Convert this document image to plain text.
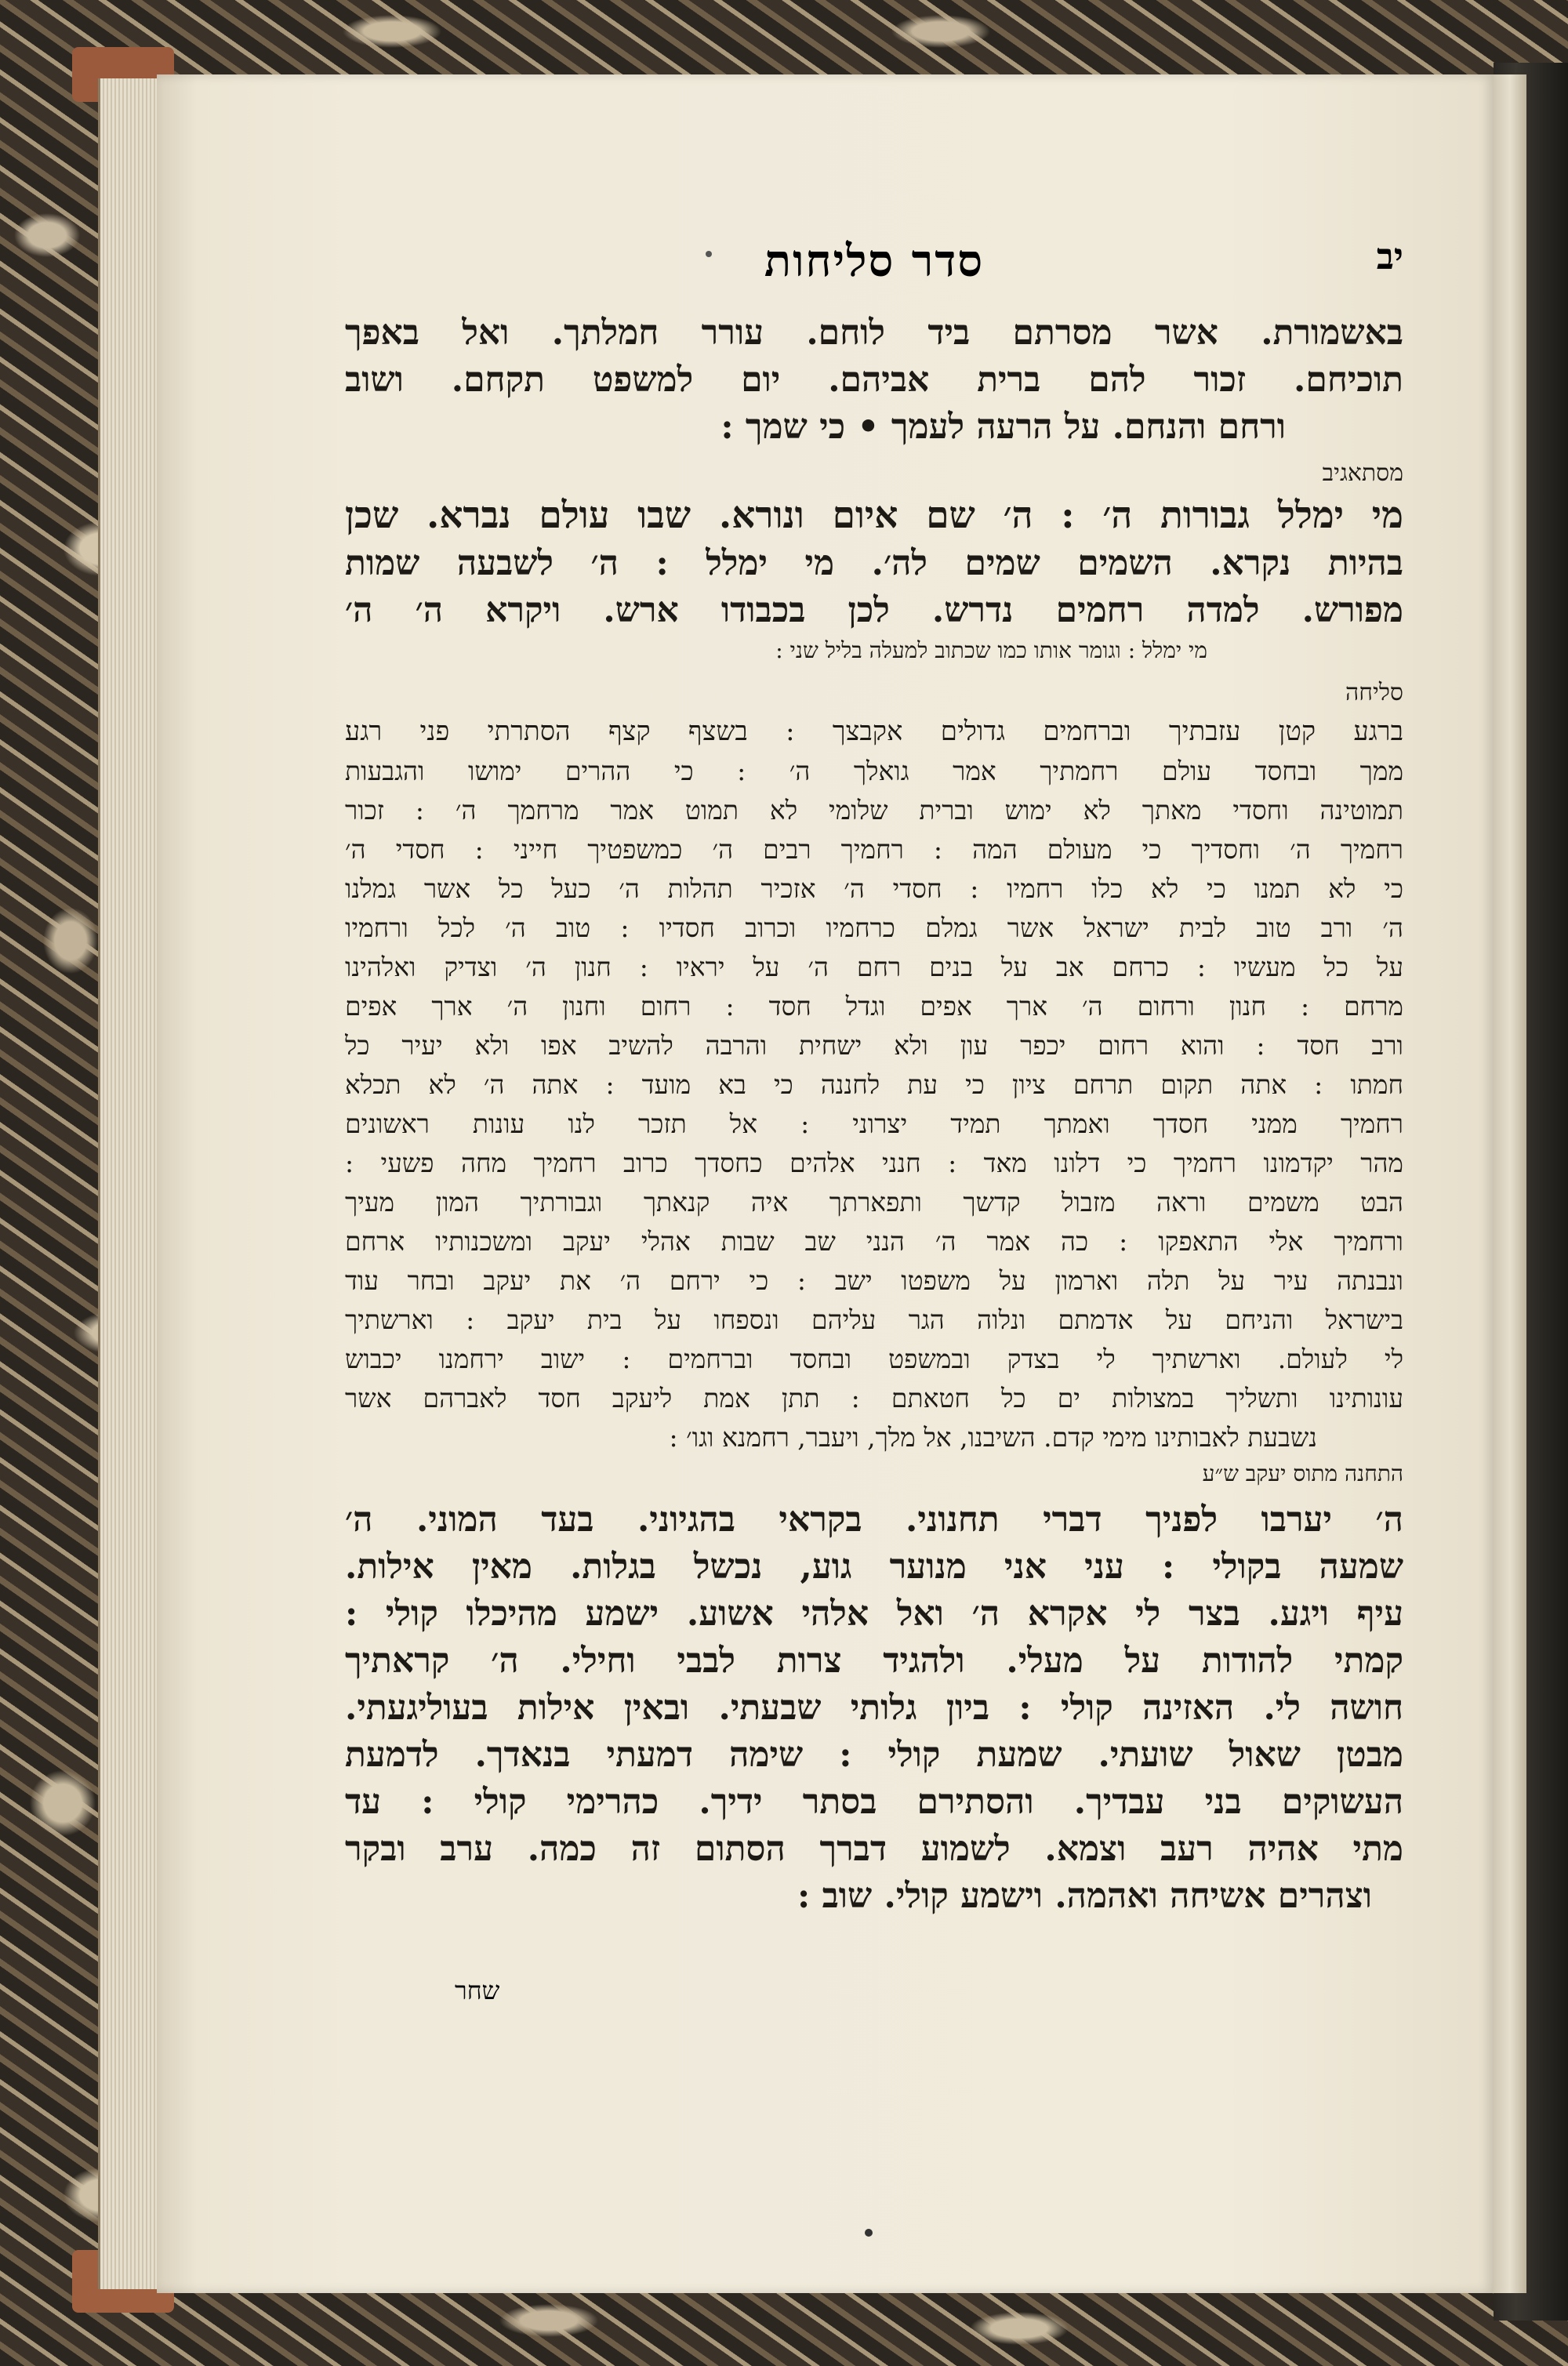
יב
סדר סליחות
באשמורת. אשר מסרתם ביד לוחם. עורר חמלתך. ואל באפך
תוכיחם. זכור להם ברית אביהם. יום למשפט תקחם. ושוב
ורחם והנחם. על הרעה לעמך • כי שמך :
מסתאגיב
מי ימלל גבורות ה׳ : ה׳ שם איום ונורא. שבו עולם נברא. שכן
בהיות נקרא. השמים שמים לה׳. מי ימלל : ה׳ לשבעה שמות
מפורש. למדה רחמים נדרש. לכן בכבודו ארש. ויקרא ה׳ ה׳
מי ימלל : וגומר אותו כמו שכתוב למעלה בליל שני :
סליחה
ברגע קטן עזבתיך וברחמים גדולים אקבצך : בשצף קצף הסתרתי פני רגע
ממך ובחסד עולם רחמתיך אמר גואלך ה׳ : כי ההרים ימושו והגבעות
תמוטינה וחסדי מאתך לא ימוש וברית שלומי לא תמוט אמר מרחמך ה׳ : זכור
רחמיך ה׳ וחסדיך כי מעולם המה : רחמיך רבים ה׳ כמשפטיך חייני : חסדי ה׳
כי לא תמנו כי לא כלו רחמיו : חסדי ה׳ אזכיר תהלות ה׳ כעל כל אשר גמלנו
ה׳ ורב טוב לבית ישראל אשר גמלם כרחמיו וכרוב חסדיו : טוב ה׳ לכל ורחמיו
על כל מעשיו : כרחם אב על בנים רחם ה׳ על יראיו : חנון ה׳ וצדיק ואלהינו
מרחם : חנון ורחום ה׳ ארך אפים וגדל חסד : רחום וחנון ה׳ ארך אפים
ורב חסד : והוא רחום יכפר עון ולא ישחית והרבה להשיב אפו ולא יעיר כל
חמתו : אתה תקום תרחם ציון כי עת לחננה כי בא מועד : אתה ה׳ לא תכלא
רחמיך ממני חסדך ואמתך תמיד יצרוני : אל תזכר לנו עונות ראשונים
מהר יקדמונו רחמיך כי דלונו מאד : חנני אלהים כחסדך כרוב רחמיך מחה פשעי :
הבט משמים וראה מזבול קדשך ותפארתך איה קנאתך וגבורתיך המון מעיך
ורחמיך אלי התאפקו : כה אמר ה׳ הנני שב שבות אהלי יעקב ומשכנותיו ארחם
ונבנתה עיר על תלה וארמון על משפטו ישב : כי ירחם ה׳ את יעקב ובחר עוד
בישראל והניחם על אדמתם ונלוה הגר עליהם ונספחו על בית יעקב : וארשתיך
לי לעולם. וארשתיך לי בצדק ובמשפט ובחסד וברחמים : ישוב ירחמנו יכבוש
עונותינו ותשליך במצולות ים כל חטאתם : תתן אמת ליעקב חסד לאברהם אשר
נשבעת לאבותינו מימי קדם. השיבנו, אל מלך, ויעבר, רחמנא וגו׳ :
התחנה מתוס יעקב ש״ע
ה׳ יערבו לפניך דברי תחנוני. בקראי בהגיוני. בעד המוני. ה׳
שמעה בקולי : עני אני מנוער גוע, נכשל בגלות. מאין אילות.
עיף ויגע. בצר לי אקרא ה׳ ואל אלהי אשוע. ישמע מהיכלו קולי :
קמתי להודות על מעלי. ולהגיד צרות לבבי וחילי. ה׳ קראתיך
חושה לי. האזינה קולי : ביון גלותי שבעתי. ובאין אילות בעוליגעתי.
מבטן שאול שועתי. שמעת קולי : שימה דמעתי בנאדך. לדמעת
העשוקים בני עבדיך. והסתירם בסתר ידיך. כהרימי קולי : עד
מתי אהיה רעב וצמא. לשמוע דברך הסתום זה כמה. ערב ובקר
וצהרים אשיחה ואהמה. וישמע קולי. שוב :
שחר
